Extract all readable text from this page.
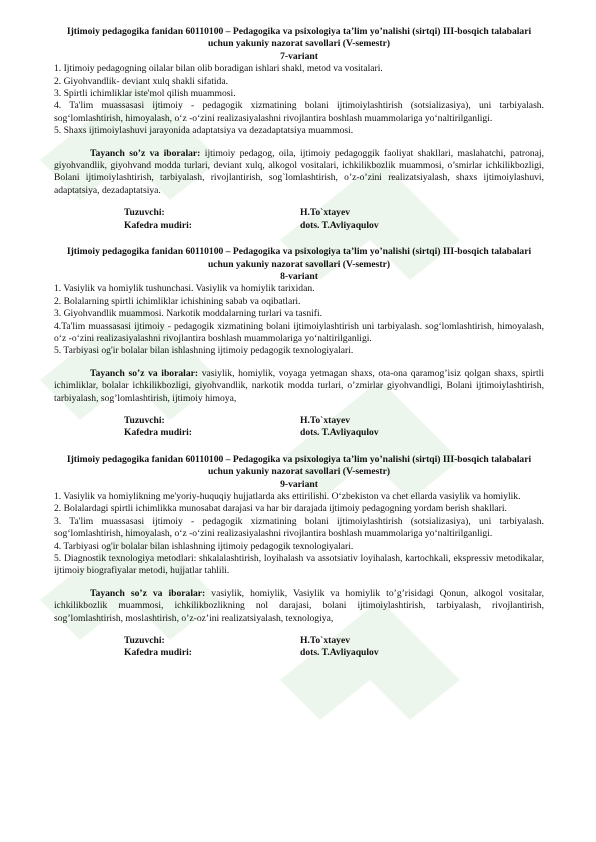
Ijtimoiy pedagogika fanidan 60110100 – Pedagogika va psixologiya ta’lim yo’nalishi (sirtqi) III-bosqich talabalari uchun yakuniy nazorat savollari (V-semestr)
7-variant

1. Ijtimoiy pedagogning oilalar bilan olib boradigan ishlari shakl, metod va vositalari.

2. Giyohvandlik- deviant xulq shakli sifatida.

3. Spirtli ichimliklar iste'mol qilish muammosi.

4. Ta'lim muassasasi ijtimoiy - pedagogik xizmatining bolani ijtimoiylashtirish (sotsializasiya), uni tarbiyalash. sog‘lomlashtirish, himoyalash, o‘z -o‘zini realizasiyalashni rivojlantira boshlash muammolariga yo‘naltirilganligi.

5. Shaxs ijtimoiylashuvi jarayonida adaptatsiya va dezadaptatsiya muammosi.

Tayanch so’z va iboralar: ijtimoiy pedagog, oila, ijtimoiy pedagoggik faoliyat shakllari, maslahatchi, patronaj, giyohvandlik, giyohvand modda turlari, deviant xulq, alkogol vositalari, ichkilikbozlik muammosi, o’smirlar ichkilikbozligi, Bolani ijtimoiylashtirish, tarbiyalash, rivojlantirish, sog`lomlashtirish, o’z-o’zini realizatsiyalash, shaxs ijtimoiylashuvi, adaptatsiya, dezadaptatsiya.
Tuzuvchi:	H.To`xtayev
Kafedra mudiri:	dots. T.Avliyaqulov
Ijtimoiy pedagogika fanidan 60110100 – Pedagogika va psixologiya ta’lim yo’nalishi (sirtqi) III-bosqich talabalari uchun yakuniy nazorat savollari (V-semestr)
8-variant

1. Vasiylik va homiylik tushunchasi. Vasiylik va homiylik tarixidan.

2. Bolalarning spirtli ichimliklar ichishining sabab va oqibatlari.

3. Giyohvandlik muammosi. Narkotik moddalarning turlari va tasnifi.

4.Ta'lim muassasasi ijtimoiy - pedagogik xizmatining bolani ijtimoiylashtirish uni tarbiyalash. sog‘lomlashtirish, himoyalash, o‘z -o‘zini realizasiyalashni rivojlantira boshlash muammolariga yo‘naltirilganligi.

5. Tarbiyasi og'ir bolalar bilan ishlashning ijtimoiy pedagogik texnologiyalari.

Tayanch so’z va iboralar: vasiylik, homiylik, voyaga yetmagan shaxs, ota-ona qaramog’isiz qolgan shaxs, spirtli ichimliklar, bolalar ichkilikbozligi, giyohvandlik, narkotik modda turlari, o’zmirlar giyohvandligi, Bolani ijtimoiylashtirish, tarbiyalash, sog’lomlashtirish, ijtimoiy himoya,
Tuzuvchi:	H.To`xtayev
Kafedra mudiri:	dots. T.Avliyaqulov
Ijtimoiy pedagogika fanidan 60110100 – Pedagogika va psixologiya ta’lim yo’nalishi (sirtqi) III-bosqich talabalari uchun yakuniy nazorat savollari (V-semestr)
9-variant

1. Vasiylik va homiylikning me'yoriy-huquqiy hujjatlarda aks ettirilishi. O‘zbekiston va chet ellarda vasiylik va homiylik.

2. Bolalardagi spirtli ichimlikka munosabat darajasi va har bir darajada ijtimoiy pedagogning yordam berish shakllari.

3. Ta'lim muassasasi ijtimoiy - pedagogik xizmatining bolani ijtimoiylashtirish (sotsializasiya), uni tarbiyalash. sog‘lomlashtirish, himoyalash, o‘z -o‘zini realizasiyalashni rivojlantira boshlash muammolariga yo‘naltirilganligi.

4. Tarbiyasi og'ir bolalar bilan ishlashning ijtimoiy pedagogik texnologiyalari.

5. Diagnostik texnologiya metodlari: shkalalashtirish, loyihalash va assotsiativ loyihalash, kartochkali, ekspressiv metodikalar, ijtimoiy biografiyalar metodi, hujjatlar tahlili.

Tayanch so’z va iboralar: vasiylik, homiylik, Vasiylik va homiylik to’g’risidagi Qonun, alkogol vositalar, ichkilikbozlik muammosi, ichkilikbozlikning nol darajasi, bolani ijtimoiylashtirish, tarbiyalash, rivojlantirish, sog’lomlashtirish, moslashtirish, o’z-oz’ini realizatsiyalash, texnologiya,
Tuzuvchi:	H.To`xtayev
Kafedra mudiri:	dots. T.Avliyaqulov
